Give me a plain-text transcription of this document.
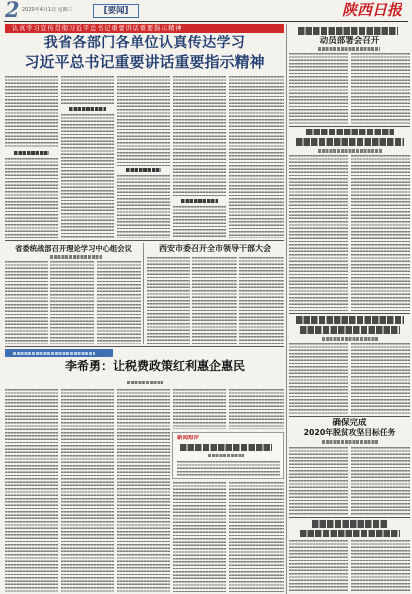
2 2020年4月1日 星期三	[要闻]	陕西日报
认真学习宣传贯彻习近平总书记重要讲话重要指示精神
我省各部门各单位认真传达学习
习近平总书记重要讲话重要指示精神
省委统战部召开理论学习中心组会议	西安市委召开全市领导干部大会
李希勇：让税费政策红利惠企惠民
新闻短评
动员部署会召开
确保完成
2020年脱贫攻坚目标任务
